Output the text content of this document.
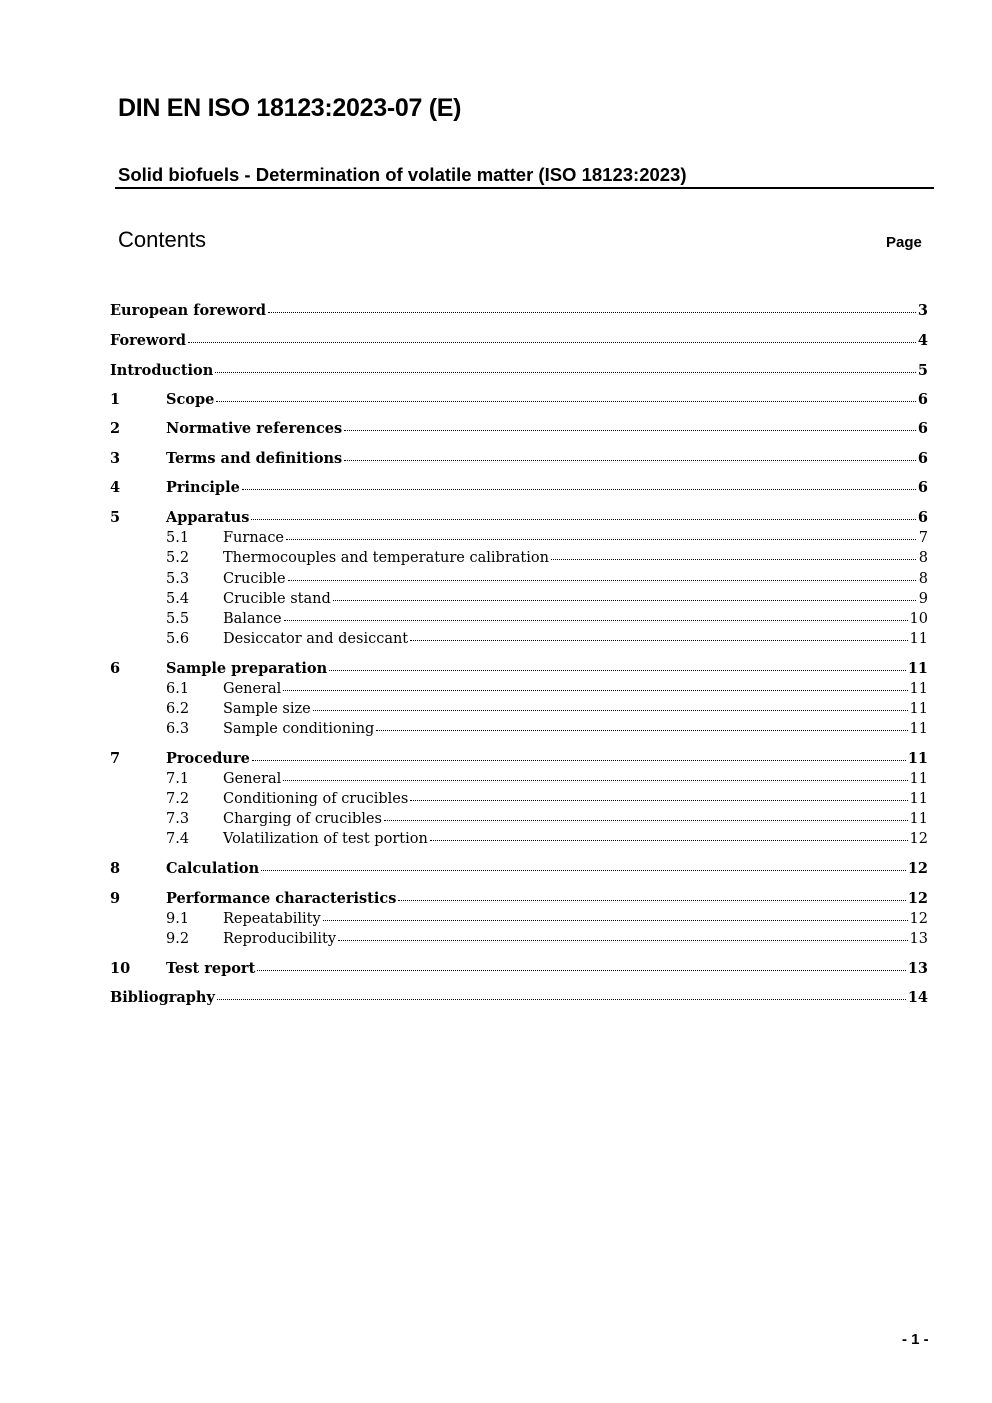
DIN EN ISO 18123:2023-07 (E)
Solid biofuels - Determination of volatile matter (ISO 18123:2023)
Contents	Page
European foreword	3
Foreword	4
Introduction	5
1	Scope	6
2	Normative references	6
3	Terms and definitions	6
4	Principle	6
5	Apparatus	6
5.1	Furnace	7
5.2	Thermocouples and temperature calibration	8
5.3	Crucible	8
5.4	Crucible stand	9
5.5	Balance	10
5.6	Desiccator and desiccant	11
6	Sample preparation	11
6.1	General	11
6.2	Sample size	11
6.3	Sample conditioning	11
7	Procedure	11
7.1	General	11
7.2	Conditioning of crucibles	11
7.3	Charging of crucibles	11
7.4	Volatilization of test portion	12
8	Calculation	12
9	Performance characteristics	12
9.1	Repeatability	12
9.2	Reproducibility	13
10	Test report	13
Bibliography	14
- 1 -
